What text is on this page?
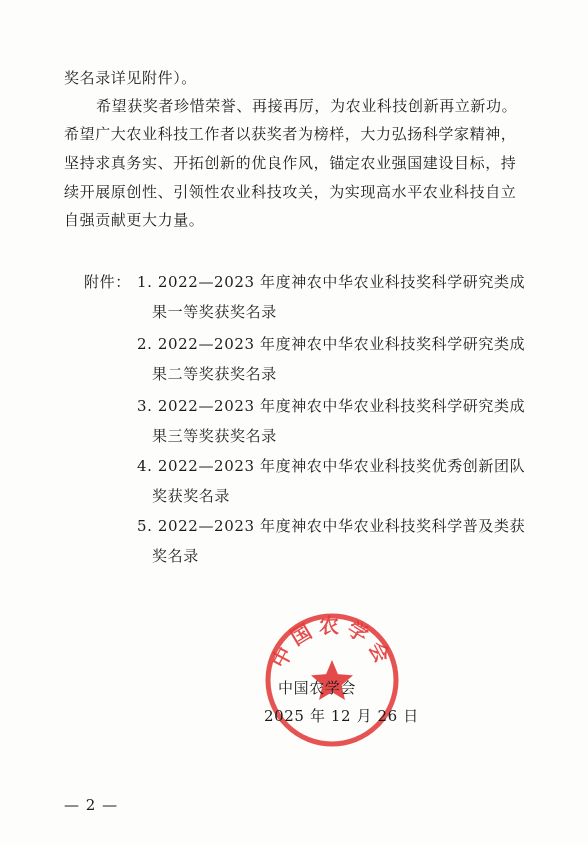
奖名录详见附件）。
希望获奖者珍惜荣誉、再接再厉，为农业科技创新再立新功。
希望广大农业科技工作者以获奖者为榜样，大力弘扬科学家精神，
坚持求真务实、开拓创新的优良作风，锚定农业强国建设目标，持
续开展原创性、引领性农业科技攻关，为实现高水平农业科技自立
自强贡献更大力量。
附件： 1. 2022—2023 年度神农中华农业科技奖科学研究类成
果一等奖获奖名录
2. 2022—2023 年度神农中华农业科技奖科学研究类成
果二等奖获奖名录
3. 2022—2023 年度神农中华农业科技奖科学研究类成
果三等奖获奖名录
4. 2022—2023 年度神农中华农业科技奖优秀创新团队
奖获奖名录
5. 2022—2023 年度神农中华农业科技奖科学普及类获
奖名录
中国农学会
中国农学会
2025 年 12 月 26 日
— 2 —
